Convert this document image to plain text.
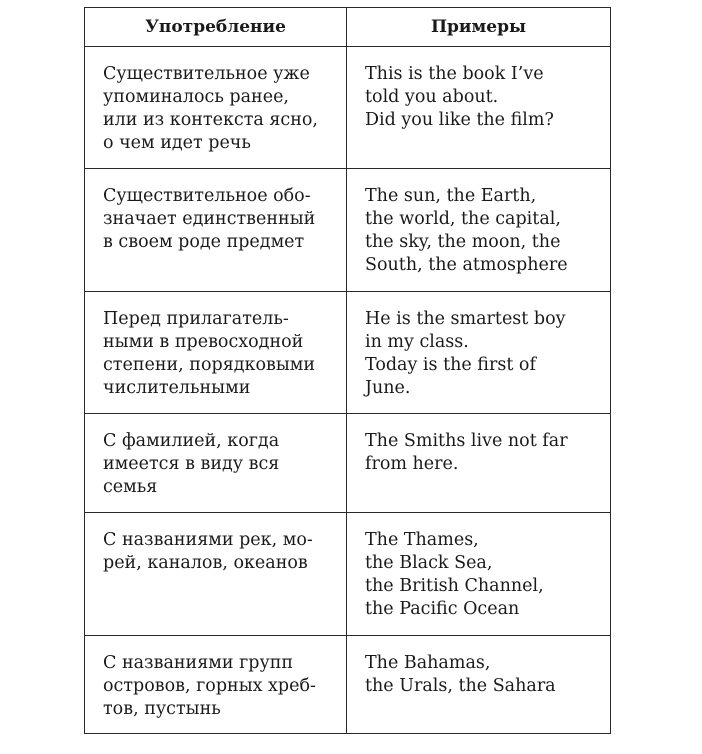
Употребление	Примеры

Существительное уже
упоминалось ранее,
или из контекста ясно,
о чем идет речь	This is the book I’ve
told you about.
Did you like the film?

Существительное обо-
значает единственный
в своем роде предмет	The sun, the Earth,
the world, the capital,
the sky, the moon, the
South, the atmosphere

Перед прилагатель-
ными в превосходной
степени, порядковыми
числительными	He is the smartest boy
in my class.
Today is the first of
June.

С фамилией, когда
имеется в виду вся
семья	The Smiths live not far
from here.

С названиями рек, мо-
рей, каналов, океанов	The Thames,
the Black Sea,
the British Channel,
the Pacific Ocean

С названиями групп
островов, горных хреб-
тов, пустынь	The Bahamas,
the Urals, the Sahara
